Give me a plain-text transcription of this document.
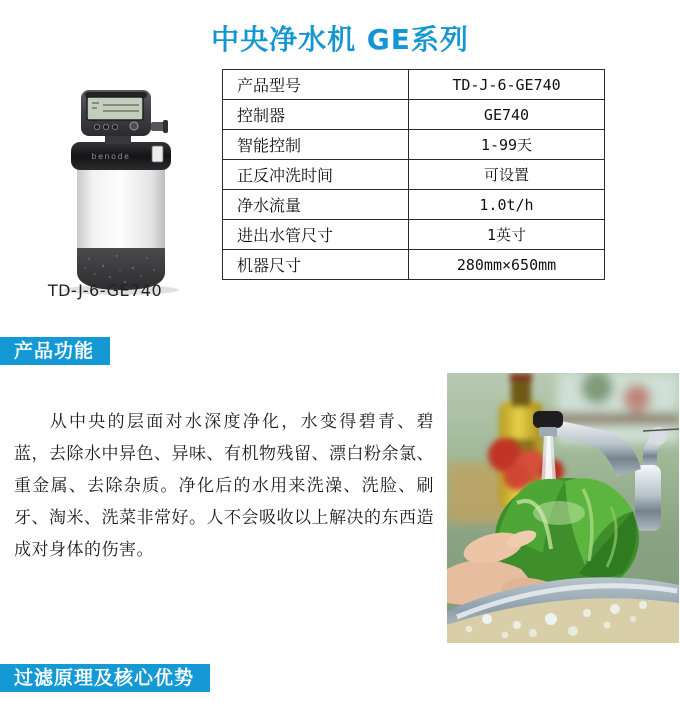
中央净水机 GE系列
benode
TD-J-6-GE740
产品型号	TD-J-6-GE740
控制器	GE740
智能控制	1-99天
正反冲洗时间	可设置
净水流量	1.0t/h
进出水管尺寸	1英寸
机器尺寸	280mm×650mm
产品功能

从中央的层面对水深度净化，水变得碧青、碧蓝，去除水中异色、异味、有机物残留、漂白粉余氯、重金属、去除杂质。净化后的水用来洗澡、洗脸、刷牙、淘米、洗菜非常好。人不会吸收以上解决的东西造成对身体的伤害。

过滤原理及核心优势
